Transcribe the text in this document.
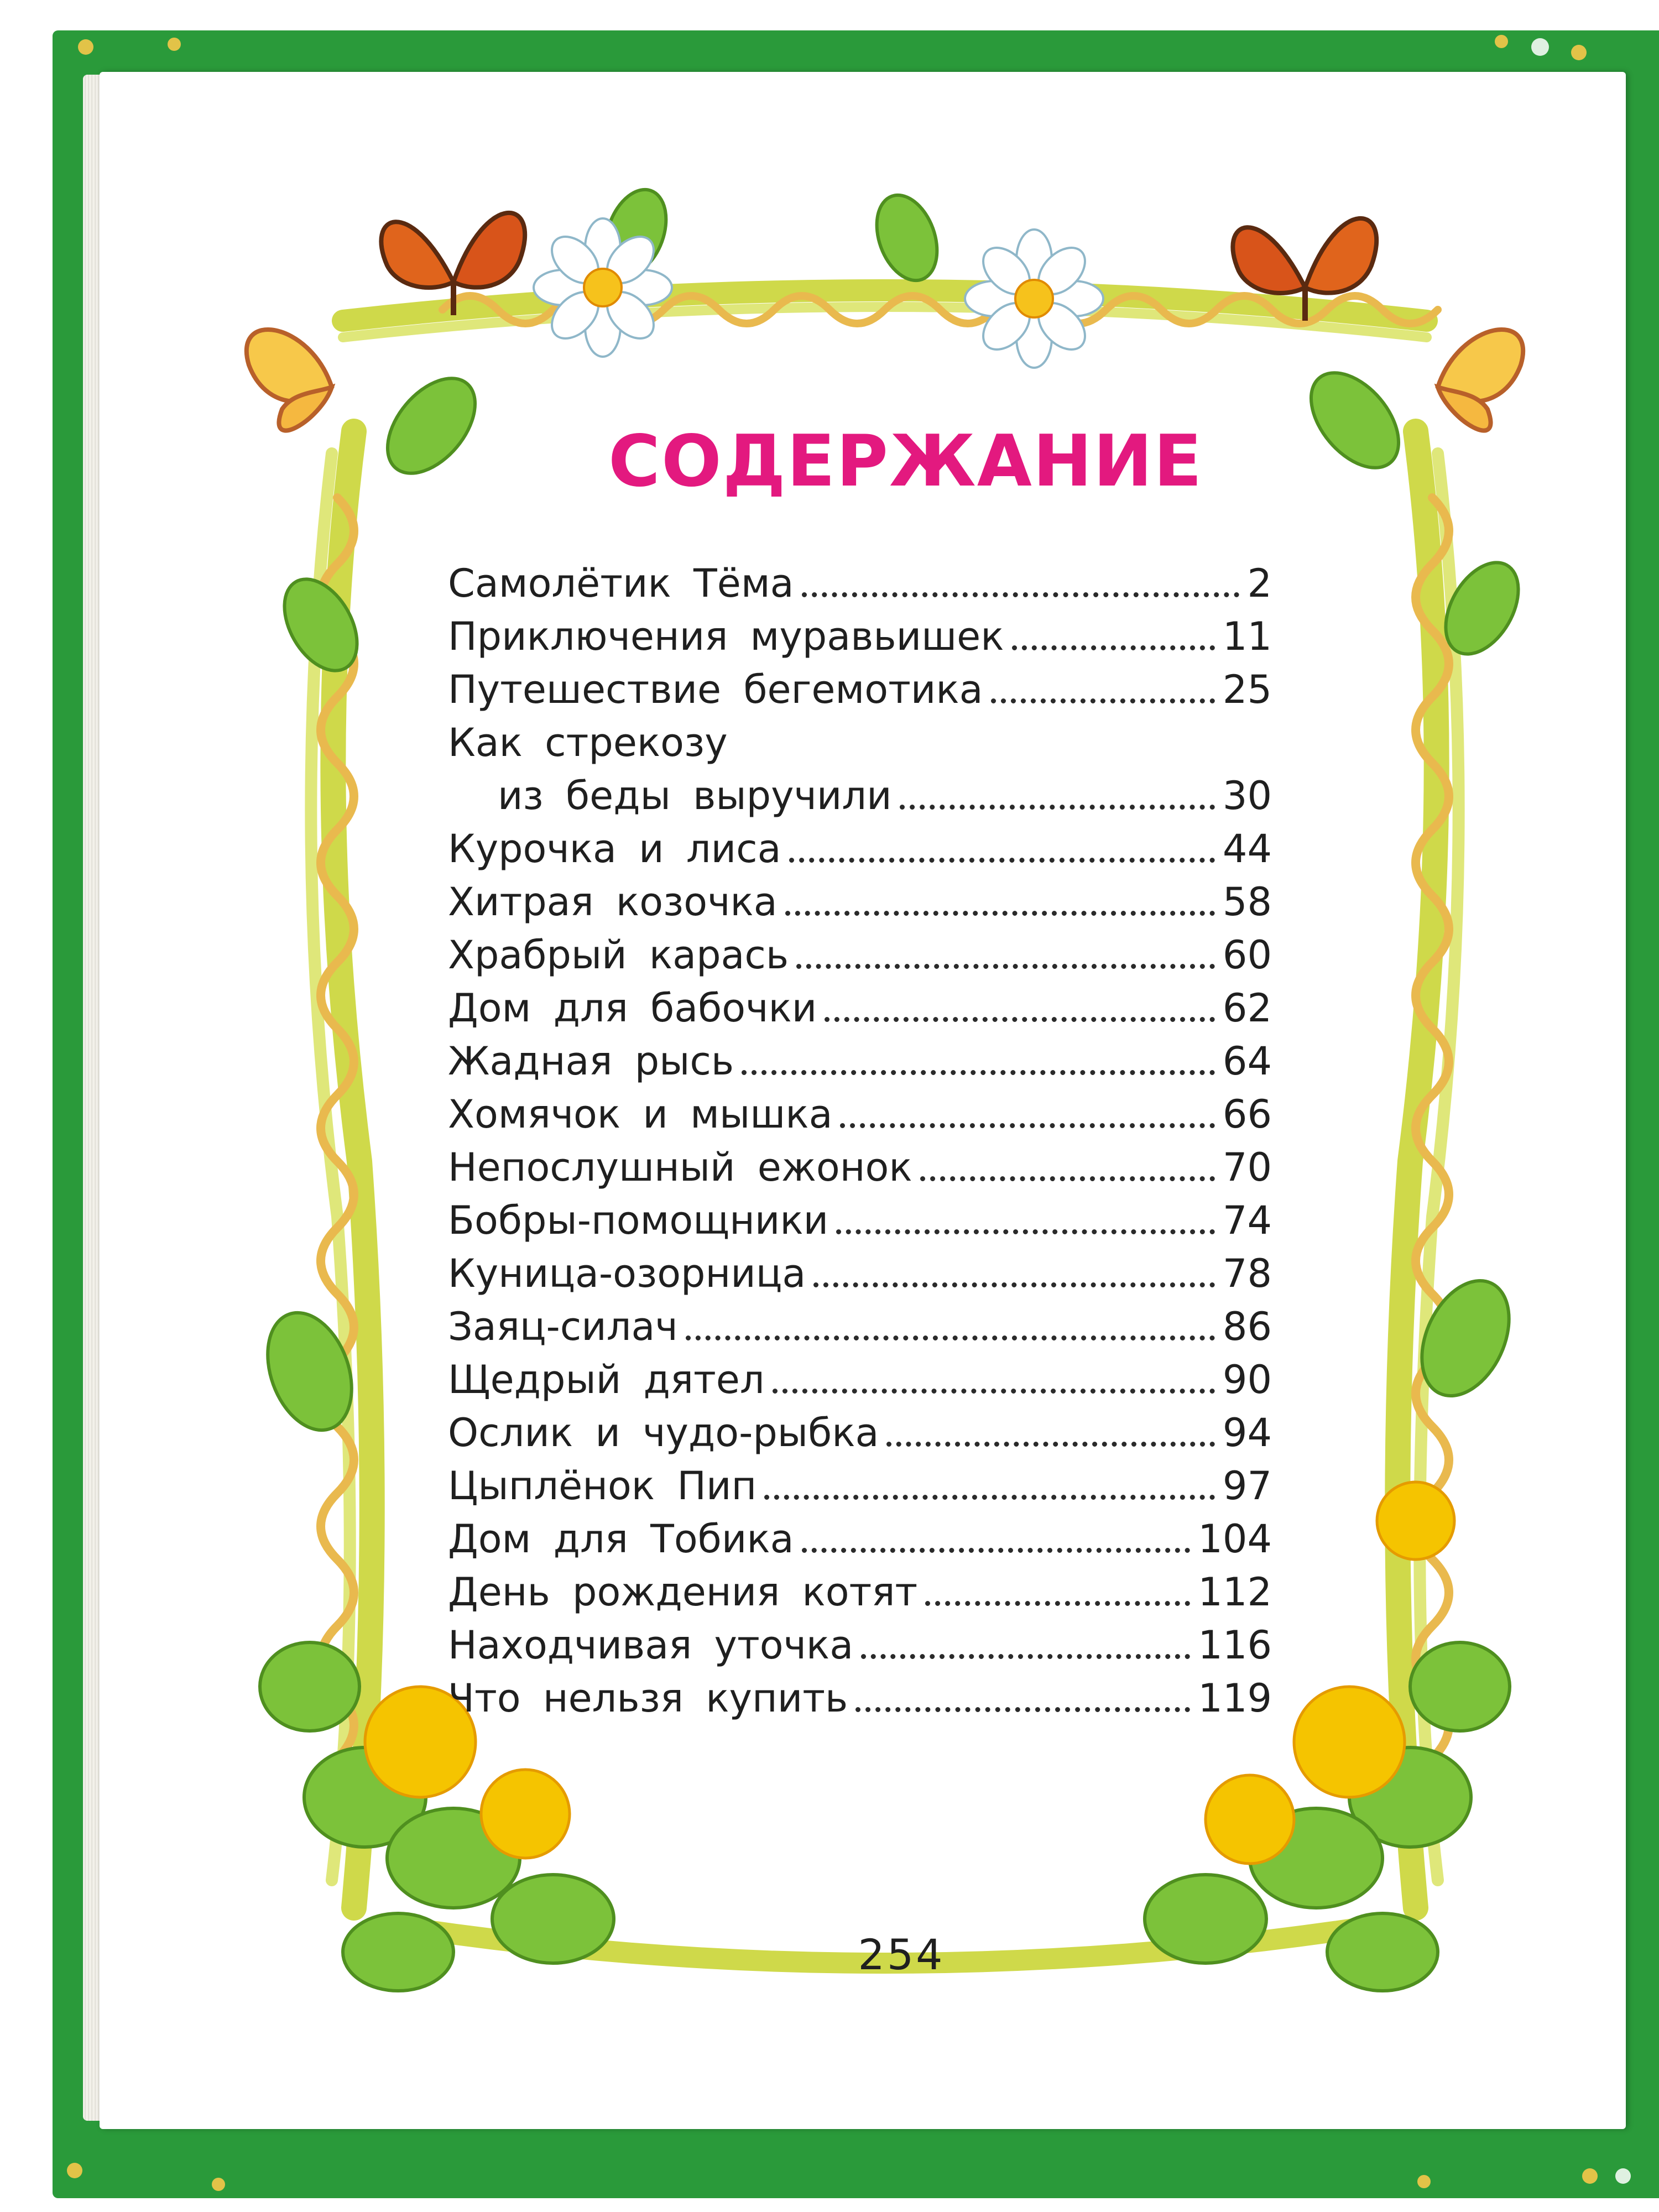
СОДЕРЖАНИЕ
Самолётик Тёма	2
Приключения муравьишек	11
Путешествие бегемотика	25
Как стрекозу
из беды выручили	30
Курочка и лиса	44
Хитрая козочка	58
Храбрый карась	60
Дом для бабочки	62
Жадная рысь	64
Хомячок и мышка	66
Непослушный ежонок	70
Бобры-помощники	74
Куница-озорница	78
Заяц-силач	86
Щедрый дятел	90
Ослик и чудо-рыбка	94
Цыплёнок Пип	97
Дом для Тобика	104
День рождения котят	112
Находчивая уточка	116
Что нельзя купить	119
254
